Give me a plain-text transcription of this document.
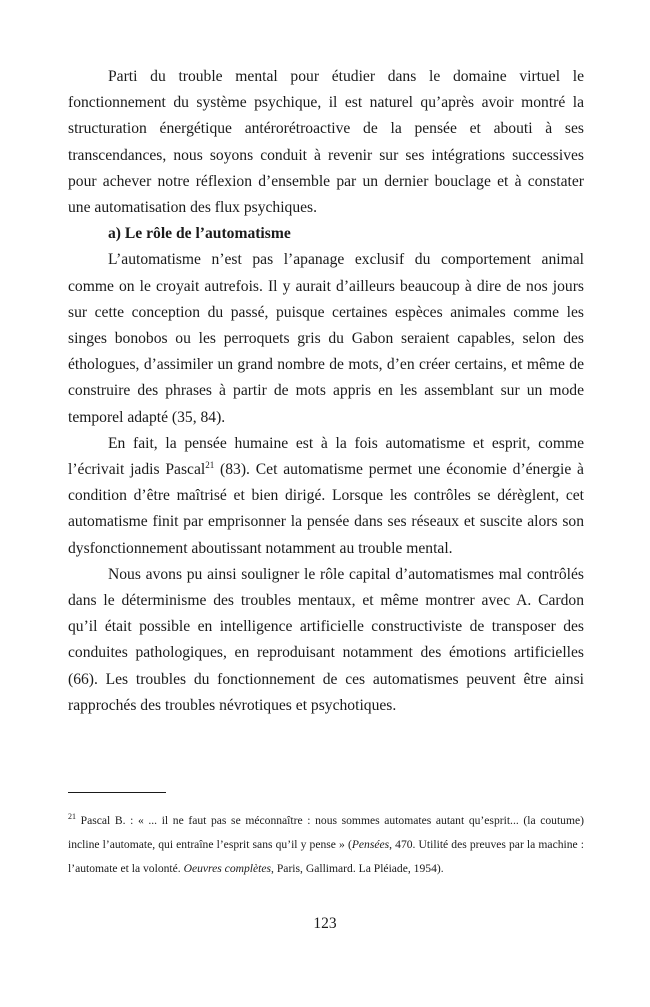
Parti du trouble mental pour étudier dans le domaine virtuel le fonctionnement du système psychique, il est naturel qu’après avoir montré la structuration énergétique antérorétroactive de la pensée et abouti à ses transcendances, nous soyons conduit à revenir sur ses intégrations successives pour achever notre réflexion d’ensemble par un dernier bouclage et à constater une automatisation des flux psychiques.

a) Le rôle de l’automatisme

L’automatisme n’est pas l’apanage exclusif du comportement animal comme on le croyait autrefois. Il y aurait d’ailleurs beaucoup à dire de nos jours sur cette conception du passé, puisque certaines espèces animales comme les singes bonobos ou les perroquets gris du Gabon seraient capables, selon des éthologues, d’assimiler un grand nombre de mots, d’en créer certains, et même de construire des phrases à partir de mots appris en les assemblant sur un mode temporel adapté (35, 84).

En fait, la pensée humaine est à la fois automatisme et esprit, comme l’écrivait jadis Pascal$^{21}$ (83). Cet automatisme permet une économie d’énergie à condition d’être maîtrisé et bien dirigé. Lorsque les contrôles se dérèglent, cet automatisme finit par emprisonner la pensée dans ses réseaux et suscite alors son dysfonctionnement aboutissant notamment au trouble mental.

Nous avons pu ainsi souligner le rôle capital d’automatismes mal contrôlés dans le déterminisme des troubles mentaux, et même montrer avec A. Cardon qu’il était possible en intelligence artificielle constructiviste de transposer des conduites pathologiques, en reproduisant notamment des émotions artificielles (66). Les troubles du fonctionnement de ces automatismes peuvent être ainsi rapprochés des troubles névrotiques et psychotiques.

$^{21}$ Pascal B. : « ... il ne faut pas se méconnaître : nous sommes automates autant qu’esprit... (la coutume) incline l’automate, qui entraîne l’esprit sans qu’il y pense » (Pensées, 470. Utilité des preuves par la machine : l’automate et la volonté. Oeuvres complètes, Paris, Gallimard. La Pléiade, 1954).

123
